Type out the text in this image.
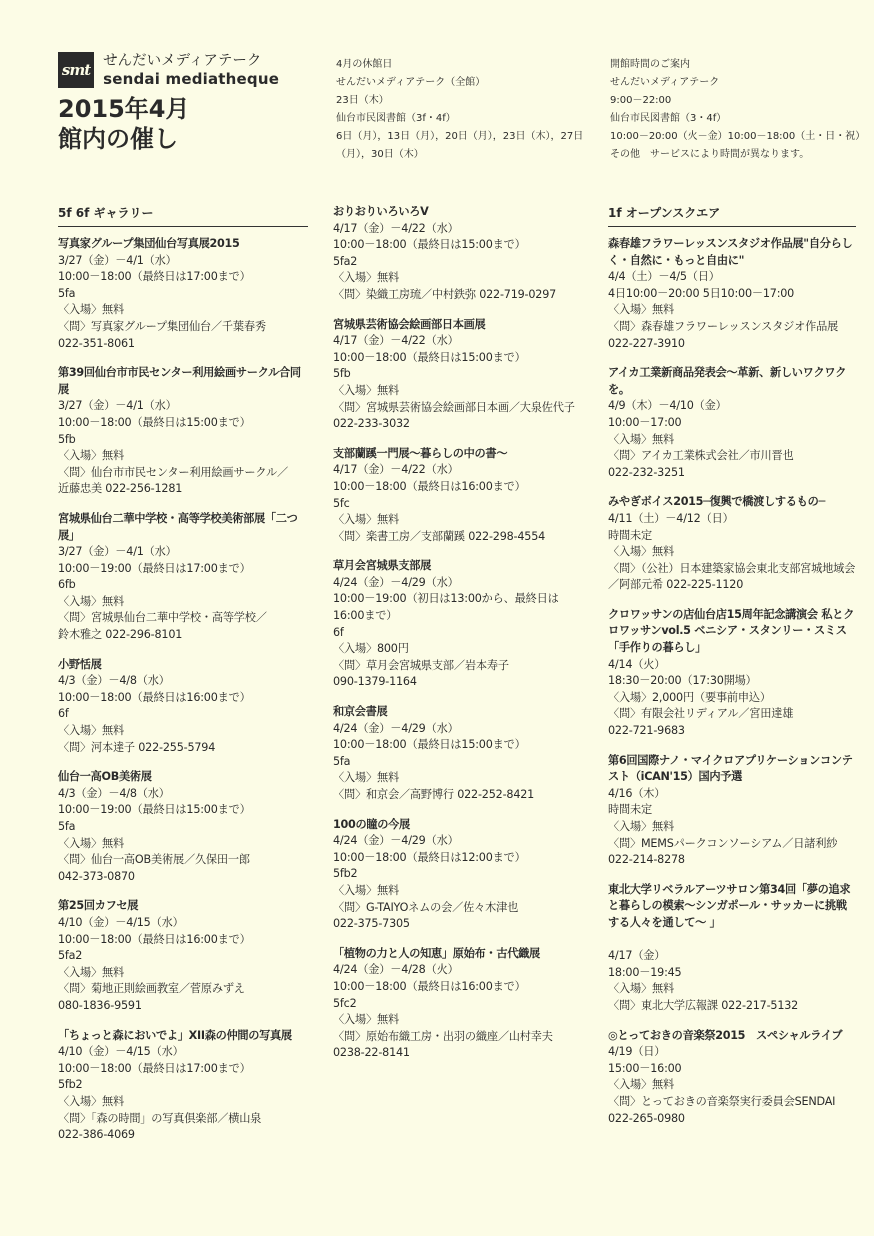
smt せんだいメディアテーク
sendai mediatheque
2015年4月
館内の催し
4月の休館日
せんだいメディアテーク（全館）
23日（木）
仙台市民図書館（3f・4f）
6日（月），13日（月），20日（月），23日（木），27日（月），30日（木）
開館時間のご案内
せんだいメディアテーク
9:00－22:00
仙台市民図書館（3・4f）
10:00－20:00（火－金）10:00－18:00（土・日・祝）
その他　サービスにより時間が異なります。
5f 6f ギャラリー
写真家グループ集団仙台写真展2015
3/27（金）－4/1（水）
10:00－18:00（最終日は17:00まで）
5fa
〈入場〉無料
〈問〉写真家グループ集団仙台／千葉春秀
022-351-8061
第39回仙台市市民センター利用絵画サークル合同展
3/27（金）－4/1（水）
10:00－18:00（最終日は15:00まで）
5fb
〈入場〉無料
〈問〉仙台市市民センター利用絵画サークル／
近藤忠美 022-256-1281
宮城県仙台二華中学校・高等学校美術部展「二つ展」
3/27（金）－4/1（水）
10:00－19:00（最終日は17:00まで）
6fb
〈入場〉無料
〈問〉宮城県仙台二華中学校・高等学校／
鈴木雅之 022-296-8101
小野恬展
4/3（金）－4/8（水）
10:00－18:00（最終日は16:00まで）
6f
〈入場〉無料
〈問〉河本達子 022-255-5794
仙台一高OB美術展
4/3（金）－4/8（水）
10:00－19:00（最終日は15:00まで）
5fa
〈入場〉無料
〈問〉仙台一高OB美術展／久保田一郎
042-373-0870
第25回カフセ展
4/10（金）－4/15（水）
10:00－18:00（最終日は16:00まで）
5fa2
〈入場〉無料
〈問〉菊地正則絵画教室／菅原みずえ
080-1836-9591
「ちょっと森においでよ」XII森の仲間の写真展
4/10（金）－4/15（水）
10:00－18:00（最終日は17:00まで）
5fb2
〈入場〉無料
〈問〉「森の時間」の写真倶楽部／横山泉
022-386-4069
おりおりいろいろV
4/17（金）－4/22（水）
10:00－18:00（最終日は15:00まで）
5fa2
〈入場〉無料
〈問〉染織工房琉／中村鉄弥 022-719-0297
宮城県芸術協会絵画部日本画展
4/17（金）－4/22（水）
10:00－18:00（最終日は15:00まで）
5fb
〈入場〉無料
〈問〉宮城県芸術協会絵画部日本画／大泉佐代子
022-233-3032
支部蘭蹊一門展～暮らしの中の書～
4/17（金）－4/22（水）
10:00－18:00（最終日は16:00まで）
5fc
〈入場〉無料
〈問〉楽書工房／支部蘭蹊 022-298-4554
草月会宮城県支部展
4/24（金）－4/29（水）
10:00－19:00（初日は13:00から、最終日は
16:00まで）
6f
〈入場〉800円
〈問〉草月会宮城県支部／岩本寿子
090-1379-1164
和京会書展
4/24（金）－4/29（水）
10:00－18:00（最終日は15:00まで）
5fa
〈入場〉無料
〈問〉和京会／高野博行 022-252-8421
100の瞳の今展
4/24（金）－4/29（水）
10:00－18:00（最終日は12:00まで）
5fb2
〈入場〉無料
〈問〉G-TAIYOネムの会／佐々木津也
022-375-7305
「植物の力と人の知恵」原始布・古代織展
4/24（金）－4/28（火）
10:00－18:00（最終日は16:00まで）
5fc2
〈入場〉無料
〈問〉原始布織工房・出羽の織座／山村幸夫
0238-22-8141
1f オープンスクエア
森春雄フラワーレッスンスタジオ作品展"自分らしく・自然に・もっと自由に"
4/4（土）－4/5（日）
4日10:00－20:00 5日10:00－17:00
〈入場〉無料
〈問〉森春雄フラワーレッスンスタジオ作品展
022-227-3910
アイカ工業新商品発表会～革新、新しいワクワクを。
4/9（木）－4/10（金）
10:00－17:00
〈入場〉無料
〈問〉アイカ工業株式会社／市川晋也
022-232-3251
みやぎボイス2015─復興で橋渡しするもの─
4/11（土）－4/12（日）
時間未定
〈入場〉無料
〈問〉（公社）日本建築家協会東北支部宮城地域会
／阿部元希 022-225-1120
クロワッサンの店仙台店15周年記念講演会 私とクロワッサンvol.5 ベニシア・スタンリー・スミス「手作りの暮らし」
4/14（火）
18:30－20:00（17:30開場）
〈入場〉2,000円（要事前申込）
〈問〉有限会社リディアル／宮田達雄
022-721-9683
第6回国際ナノ・マイクロアプリケーションコンテスト（iCAN'15）国内予選
4/16（木）
時間未定
〈入場〉無料
〈問〉MEMSパークコンソーシアム／日諸利紗
022-214-8278
東北大学リベラルアーツサロン第34回「夢の追求と暮らしの模索～シンガポール・サッカーに挑戦する人々を通して～ 」
4/17（金）
18:00－19:45
〈入場〉無料
〈問〉東北大学広報課 022-217-5132
◎とっておきの音楽祭2015　スペシャルライブ
4/19（日）
15:00－16:00
〈入場〉無料
〈問〉とっておきの音楽祭実行委員会SENDAI
022-265-0980
